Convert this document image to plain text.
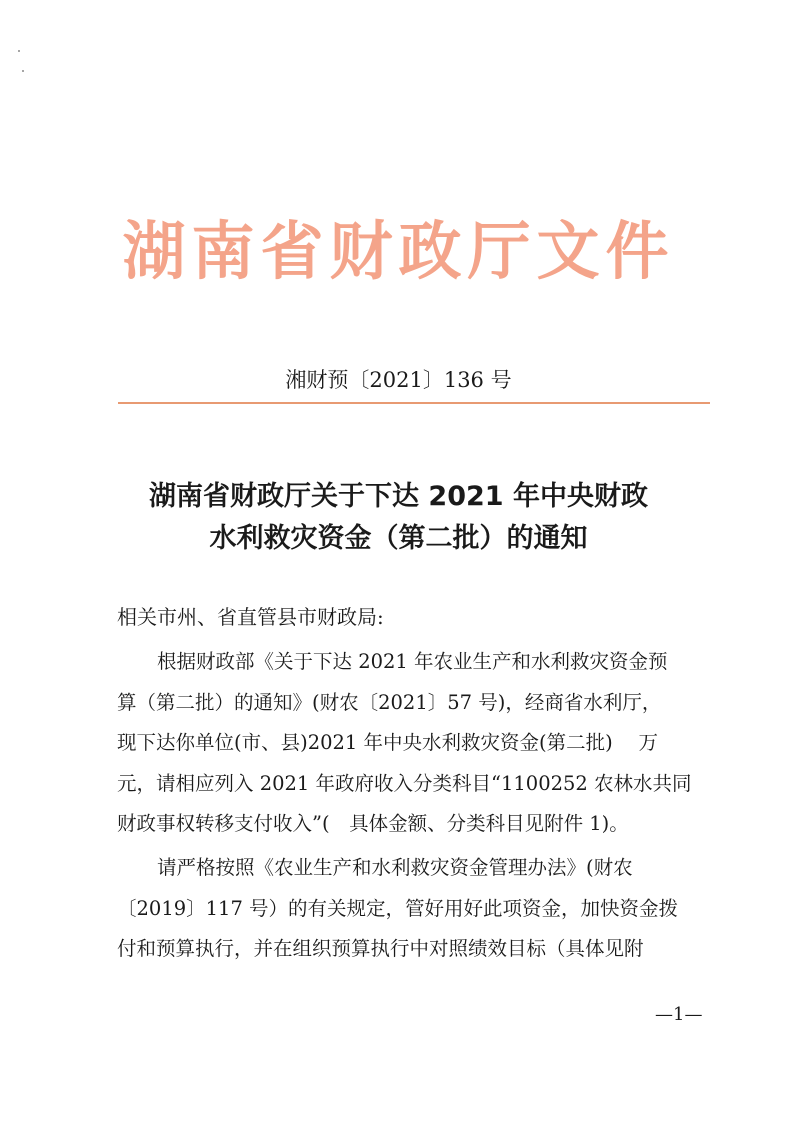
湖南省财政厅文件
湘财预〔2021〕136 号
湖南省财政厅关于下达 2021 年中央财政
水利救灾资金（第二批）的通知
相关市州、省直管县市财政局:
根据财政部《关于下达 2021 年农业生产和水利救灾资金预
算（第二批）的通知》(财农〔2021〕57 号)，经商省水利厅，
现下达你单位(市、县)2021 年中央水利救灾资金(第二批)　 万
元，请相应列入 2021 年政府收入分类科目“1100252 农林水共同
财政事权转移支付收入”(　具体金额、分类科目见附件 1)。
请严格按照《农业生产和水利救灾资金管理办法》(财农
〔2019〕117 号）的有关规定，管好用好此项资金，加快资金拨
付和预算执行，并在组织预算执行中对照绩效目标（具体见附
—1—
